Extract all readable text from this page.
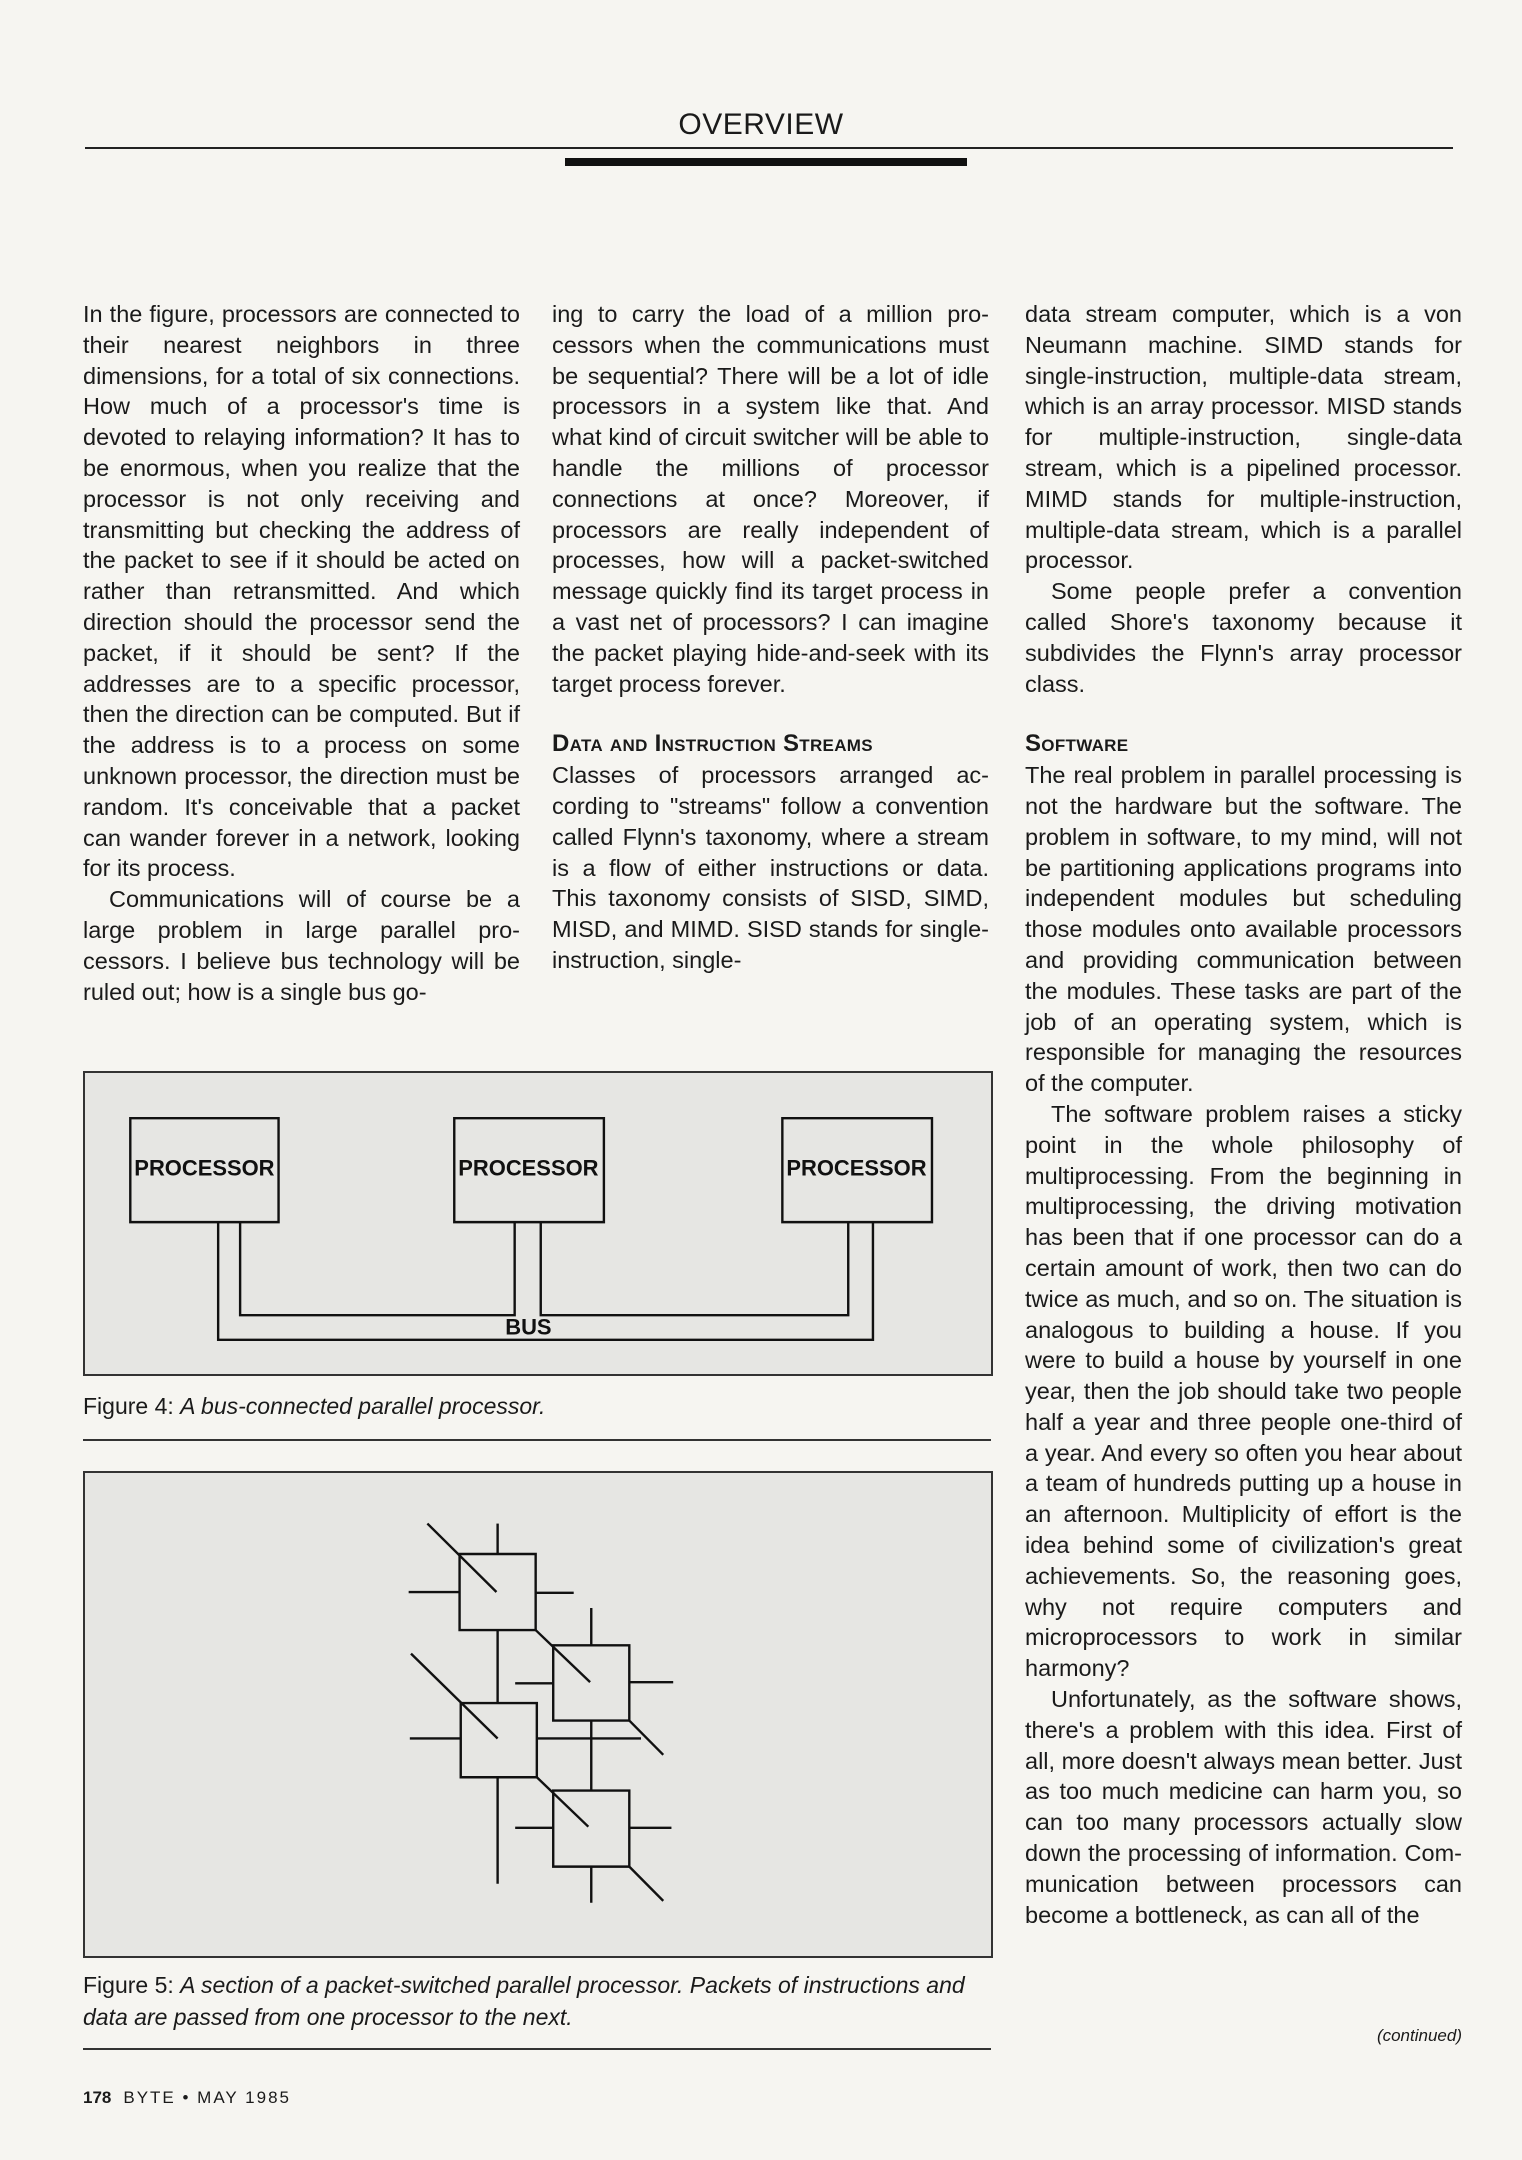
OVERVIEW

In the figure, processors are connected to their nearest neighbors in three dimensions, for a total of six connections. How much of a processor's time is devoted to relaying information? It has to be enormous, when you realize that the processor is not only receiving and transmitting but checking the address of the packet to see if it should be acted on rather than retransmitted. And which direction should the processor send the packet, if it should be sent? If the addresses are to a specific processor, then the direction can be computed. But if the address is to a process on some unknown processor, the direction must be random. It's conceivable that a packet can wander forever in a network, looking for its process.

Communications will of course be a large problem in large parallel processors. I believe bus technology will be ruled out; how is a single bus go-

ing to carry the load of a million processors when the communications must be sequential? There will be a lot of idle processors in a system like that. And what kind of circuit switcher will be able to handle the millions of processor connections at once? Moreover, if processors are really independent of processes, how will a packet-switched message quickly find its target process in a vast net of processors? I can imagine the packet playing hide-and-seek with its target process forever.

Data and Instruction Streams

Classes of processors arranged according to "streams" follow a convention called Flynn's taxonomy, where a stream is a flow of either instructions or data. This taxonomy consists of SISD, SIMD, MISD, and MIMD. SISD stands for single-instruction, single-

data stream computer, which is a von Neumann machine. SIMD stands for single-instruction, multiple-data stream, which is an array processor. MISD stands for multiple-instruction, single-data stream, which is a pipelined processor. MIMD stands for multiple-instruction, multiple-data stream, which is a parallel processor.

Some people prefer a convention called Shore's taxonomy because it subdivides the Flynn's array processor class.

Software

The real problem in parallel processing is not the hardware but the software. The problem in software, to my mind, will not be partitioning applications programs into independent modules but scheduling those modules onto available processors and providing communication between the modules. These tasks are part of the job of an operating system, which is responsible for managing the resources of the computer.

The software problem raises a sticky point in the whole philosophy of multiprocessing. From the beginning in multiprocessing, the driving motivation has been that if one processor can do a certain amount of work, then two can do twice as much, and so on. The situation is analogous to building a house. If you were to build a house by yourself in one year, then the job should take two people half a year and three people one-third of a year. And every so often you hear about a team of hundreds putting up a house in an afternoon. Multiplicity of effort is the idea behind some of civilization's great achievements. So, the reasoning goes, why not require computers and microprocessors to work in similar harmony?

Unfortunately, as the software shows, there's a problem with this idea. First of all, more doesn't always mean better. Just as too much medicine can harm you, so can too many processors actually slow down the processing of information. Communication between processors can become a bottleneck, as can all of the

(continued)
PROCESSOR	PROCESSOR	PROCESSOR
BUS
Figure 4: A bus-connected parallel processor.
Figure 5: A section of a packet-switched parallel processor. Packets of instructions and data are passed from one processor to the next.
178 BYTE • MAY 1985
